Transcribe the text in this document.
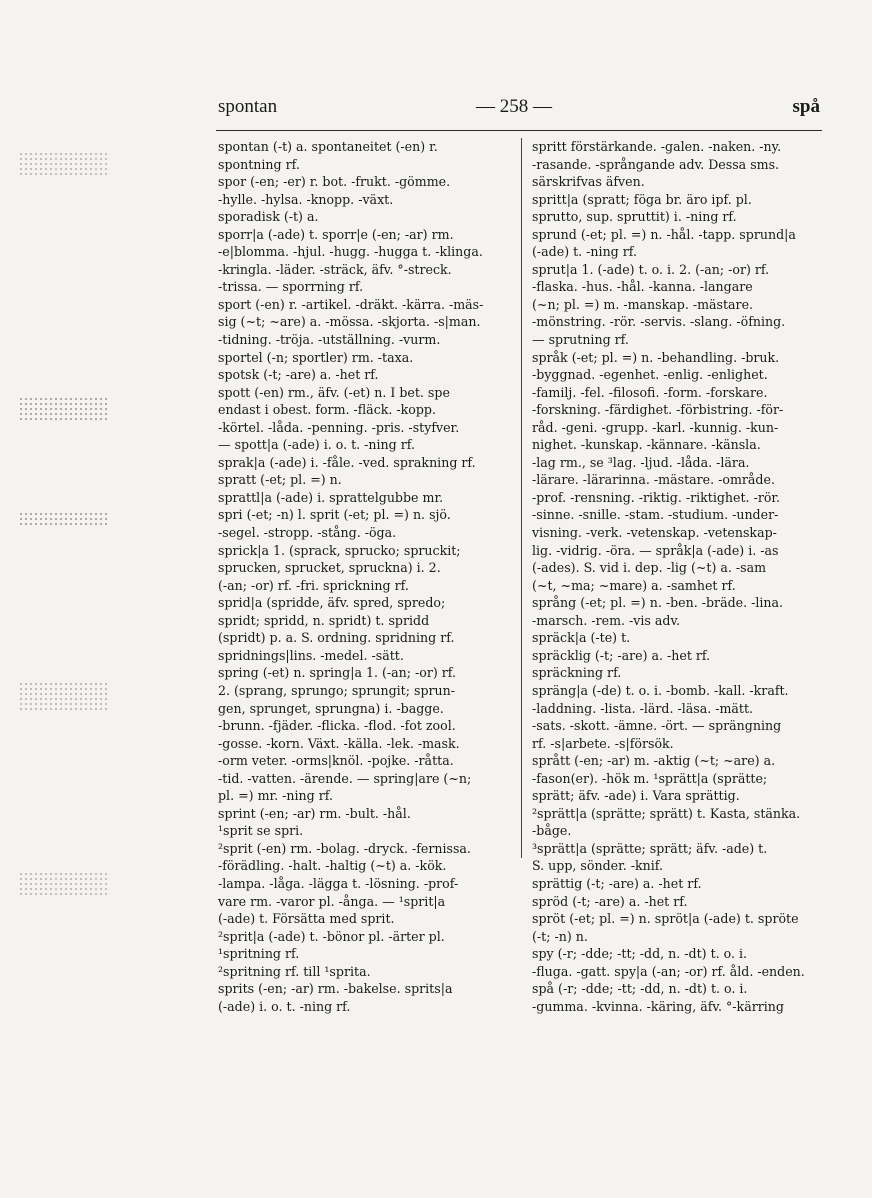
spontan	— 258 —	spå

spontan (-t) a. spontaneitet (-en) r.

spontning rf.

spor (-en; -er) r. bot. -frukt. -gömme.

-hylle. -hylsa. -knopp. -växt.

sporadisk (-t) a.

sporr|a (-ade) t. sporr|e (-en; -ar) rm.

-e|blomma. -hjul. -hugg. -hugga t. -klinga.

-kringla. -läder. -sträck, äfv. °-streck.

-trissa. — sporrning rf.

sport (-en) r. -artikel. -dräkt. -kärra. -mäs-

sig (~t; ~are) a. -mössa. -skjorta. -s|man.

-tidning. -tröja. -utställning. -vurm.

sportel (-n; sportler) rm. -taxa.

spotsk (-t; -are) a. -het rf.

spott (-en) rm., äfv. (-et) n. I bet. spe

endast i obest. form. -fläck. -kopp.

-körtel. -låda. -penning. -pris. -styfver.

— spott|a (-ade) i. o. t. -ning rf.

sprak|a (-ade) i. -fåle. -ved. sprakning rf.

spratt (-et; pl. =) n.

sprattl|a (-ade) i. sprattelgubbe mr.

spri (-et; -n) l. sprit (-et; pl. =) n. sjö.

-segel. -stropp. -stång. -öga.

sprick|a 1. (sprack, sprucko; spruckit;

sprucken, sprucket, spruckna) i. 2.

(-an; -or) rf. -fri. sprickning rf.

sprid|a (spridde, äfv. spred, spredo;

spridt; spridd, n. spridt) t. spridd

(spridt) p. a. S. ordning. spridning rf.

spridnings|lins. -medel. -sätt.

spring (-et) n. spring|a 1. (-an; -or) rf.

2. (sprang, sprungo; sprungit; sprun-

gen, sprunget, sprungna) i. -bagge.

-brunn. -fjäder. -flicka. -flod. -fot zool.

-gosse. -korn. Växt. -källa. -lek. -mask.

-orm veter. -orms|knöl. -pojke. -råtta.

-tid. -vatten. -ärende. — spring|are (~n;

pl. =) mr. -ning rf.

sprint (-en; -ar) rm. -bult. -hål.

¹sprit se spri.

²sprit (-en) rm. -bolag. -dryck. -fernissa.

-förädling. -halt. -haltig (~t) a. -kök.

-lampa. -låga. -läggа t. -lösning. -prof-

vare rm. -varor pl. -ånga. — ¹sprit|a

(-ade) t. Försätta med sprit.

²sprit|a (-ade) t. -bönor pl. -ärter pl.

¹spritning rf.

²spritning rf. till ¹sprita.

sprits (-en; -ar) rm. -bakelse. sprits|a

(-ade) i. o. t. -ning rf.

spritt förstärkande. -galen. -naken. -ny.

-rasande. -språngande adv. Dessa sms.

särskrifvas äfven.

spritt|a (spratt; föga br. äro ipf. pl.

sprutto, sup. spruttit) i. -ning rf.

sprund (-et; pl. =) n. -hål. -tapp. sprund|a

(-ade) t. -ning rf.

sprut|a 1. (-ade) t. o. i. 2. (-an; -or) rf.

-flaska. -hus. -hål. -kanna. -langare

(~n; pl. =) m. -manskap. -mästare.

-mönstring. -rör. -servis. -slang. -öfning.

— sprutning rf.

språk (-et; pl. =) n. -behandling. -bruk.

-byggnad. -egenhet. -enlig. -enlighet.

-familj. -fel. -filosofi. -form. -forskare.

-forskning. -färdighet. -förbistring. -för-

råd. -geni. -grupp. -karl. -kunnig. -kun-

nighet. -kunskap. -kännare. -känsla.

-lag rm., se ³lag. -ljud. -låda. -lära.

-lärare. -lärarinna. -mästare. -område.

-prof. -rensning. -riktig. -riktighet. -rör.

-sinne. -snille. -stam. -studium. -under-

visning. -verk. -vetenskap. -vetenskap-

lig. -vidrig. -öra. — språk|a (-ade) i. -as

(-ades). S. vid i. dep. -lig (~t) a. -sam

(~t, ~ma; ~mare) a. -samhet rf.

språng (-et; pl. =) n. -ben. -bräde. -lina.

-marsch. -rem. -vis adv.

spräck|a (-te) t.

spräcklig (-t; -are) a. -het rf.

spräckning rf.

spräng|a (-de) t. o. i. -bomb. -kall. -kraft.

-laddning. -lista. -lärd. -läsa. -mätt.

-sats. -skott. -ämne. -ört. — sprängning

rf. -s|arbete. -s|försök.

sprått (-en; -ar) m. -aktig (~t; ~are) a.

-fason(er). -hök m. ¹sprätt|a (sprätte;

sprätt; äfv. -ade) i. Vara sprättig.

²sprätt|a (sprätte; sprätt) t. Kasta, stänka.

-båge.

³sprätt|a (sprätte; sprätt; äfv. -ade) t.

S. upp, sönder. -knif.

sprättig (-t; -are) a. -het rf.

spröd (-t; -are) a. -het rf.

spröt (-et; pl. =) n. spröt|a (-ade) t. spröte

(-t; -n) n.

spy (-r; -dde; -tt; -dd, n. -dt) t. o. i.

-fluga. -gatt. spy|a (-an; -or) rf. åld. -enden.

spå (-r; -dde; -tt; -dd, n. -dt) t. o. i.

-gumma. -kvinna. -käring, äfv. °-kärring
